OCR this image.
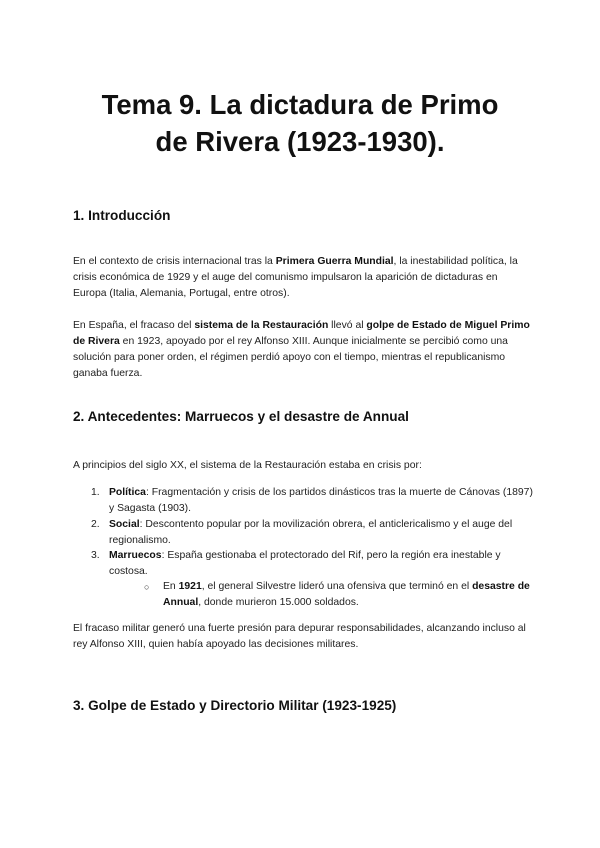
Tema 9. La dictadura de Primo
de Rivera (1923-1930).
1. Introducción

En el contexto de crisis internacional tras la Primera Guerra Mundial, la inestabilidad política, la crisis económica de 1929 y el auge del comunismo impulsaron la aparición de dictaduras en Europa (Italia, Alemania, Portugal, entre otros).

En España, el fracaso del sistema de la Restauración llevó al golpe de Estado de Miguel Primo de Rivera en 1923, apoyado por el rey Alfonso XIII. Aunque inicialmente se percibió como una solución para poner orden, el régimen perdió apoyo con el tiempo, mientras el republicanismo ganaba fuerza.

2. Antecedentes: Marruecos y el desastre de Annual

A principios del siglo XX, el sistema de la Restauración estaba en crisis por:

1. Política: Fragmentación y crisis de los partidos dinásticos tras la muerte de Cánovas (1897) y Sagasta (1903).
2. Social: Descontento popular por la movilización obrera, el anticlericalismo y el auge del regionalismo.
3. Marruecos: España gestionaba el protectorado del Rif, pero la región era inestable y costosa.
○	En 1921, el general Silvestre lideró una ofensiva que terminó en el desastre de Annual, donde murieron 15.000 soldados.

El fracaso militar generó una fuerte presión para depurar responsabilidades, alcanzando incluso al rey Alfonso XIII, quien había apoyado las decisiones militares.

3. Golpe de Estado y Directorio Militar (1923-1925)
